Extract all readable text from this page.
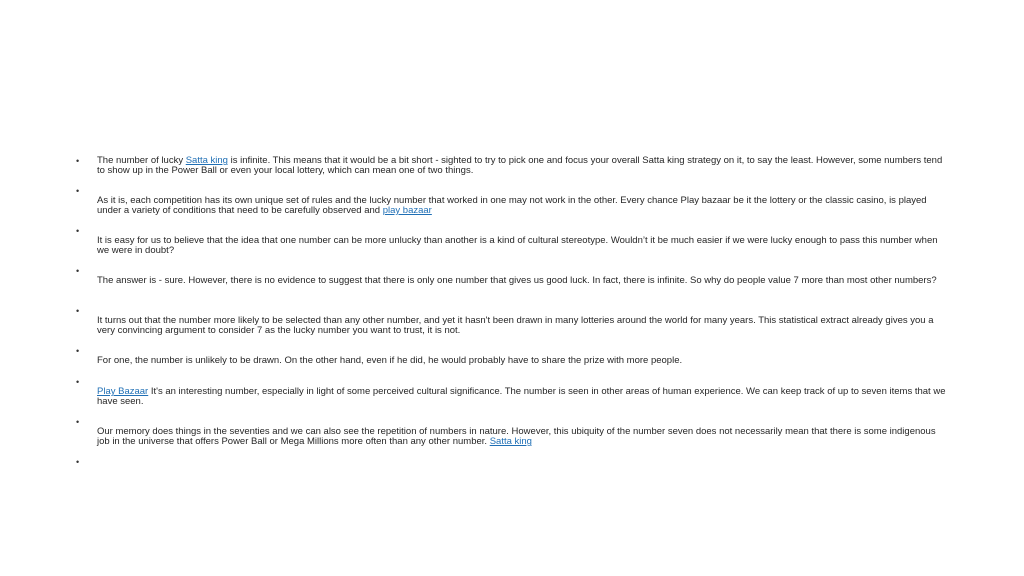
• The number of lucky Satta king is infinite. This means that it would be a bit short - sighted to try to pick one and focus your overall Satta king strategy on it, to say the least. However, some numbers tend to show up in the Power Ball or even your local lottery, which can mean one of two things.

•

As it is, each competition has its own unique set of rules and the lucky number that worked in one may not work in the other. Every chance Play bazaar be it the lottery or the classic casino, is played under a variety of conditions that need to be carefully observed and play bazaar

•

It is easy for us to believe that the idea that one number can be more unlucky than another is a kind of cultural stereotype. Wouldn’t it be much easier if we were lucky enough to pass this number when we were in doubt?

•

The answer is - sure. However, there is no evidence to suggest that there is only one number that gives us good luck. In fact, there is infinite. So why do people value 7 more than most other numbers?

•

It turns out that the number more likely to be selected than any other number, and yet it hasn't been drawn in many lotteries around the world for many years. This statistical extract already gives you a very convincing argument to consider 7 as the lucky number you want to trust, it is not.

•

For one, the number is unlikely to be drawn. On the other hand, even if he did, he would probably have to share the prize with more people.

•

Play Bazaar It's an interesting number, especially in light of some perceived cultural significance. The number is seen in other areas of human experience. We can keep track of up to seven items that we have seen.

•

Our memory does things in the seventies and we can also see the repetition of numbers in nature. However, this ubiquity of the number seven does not necessarily mean that there is some indigenous job in the universe that offers Power Ball or Mega Millions more often than any other number. Satta king

•
